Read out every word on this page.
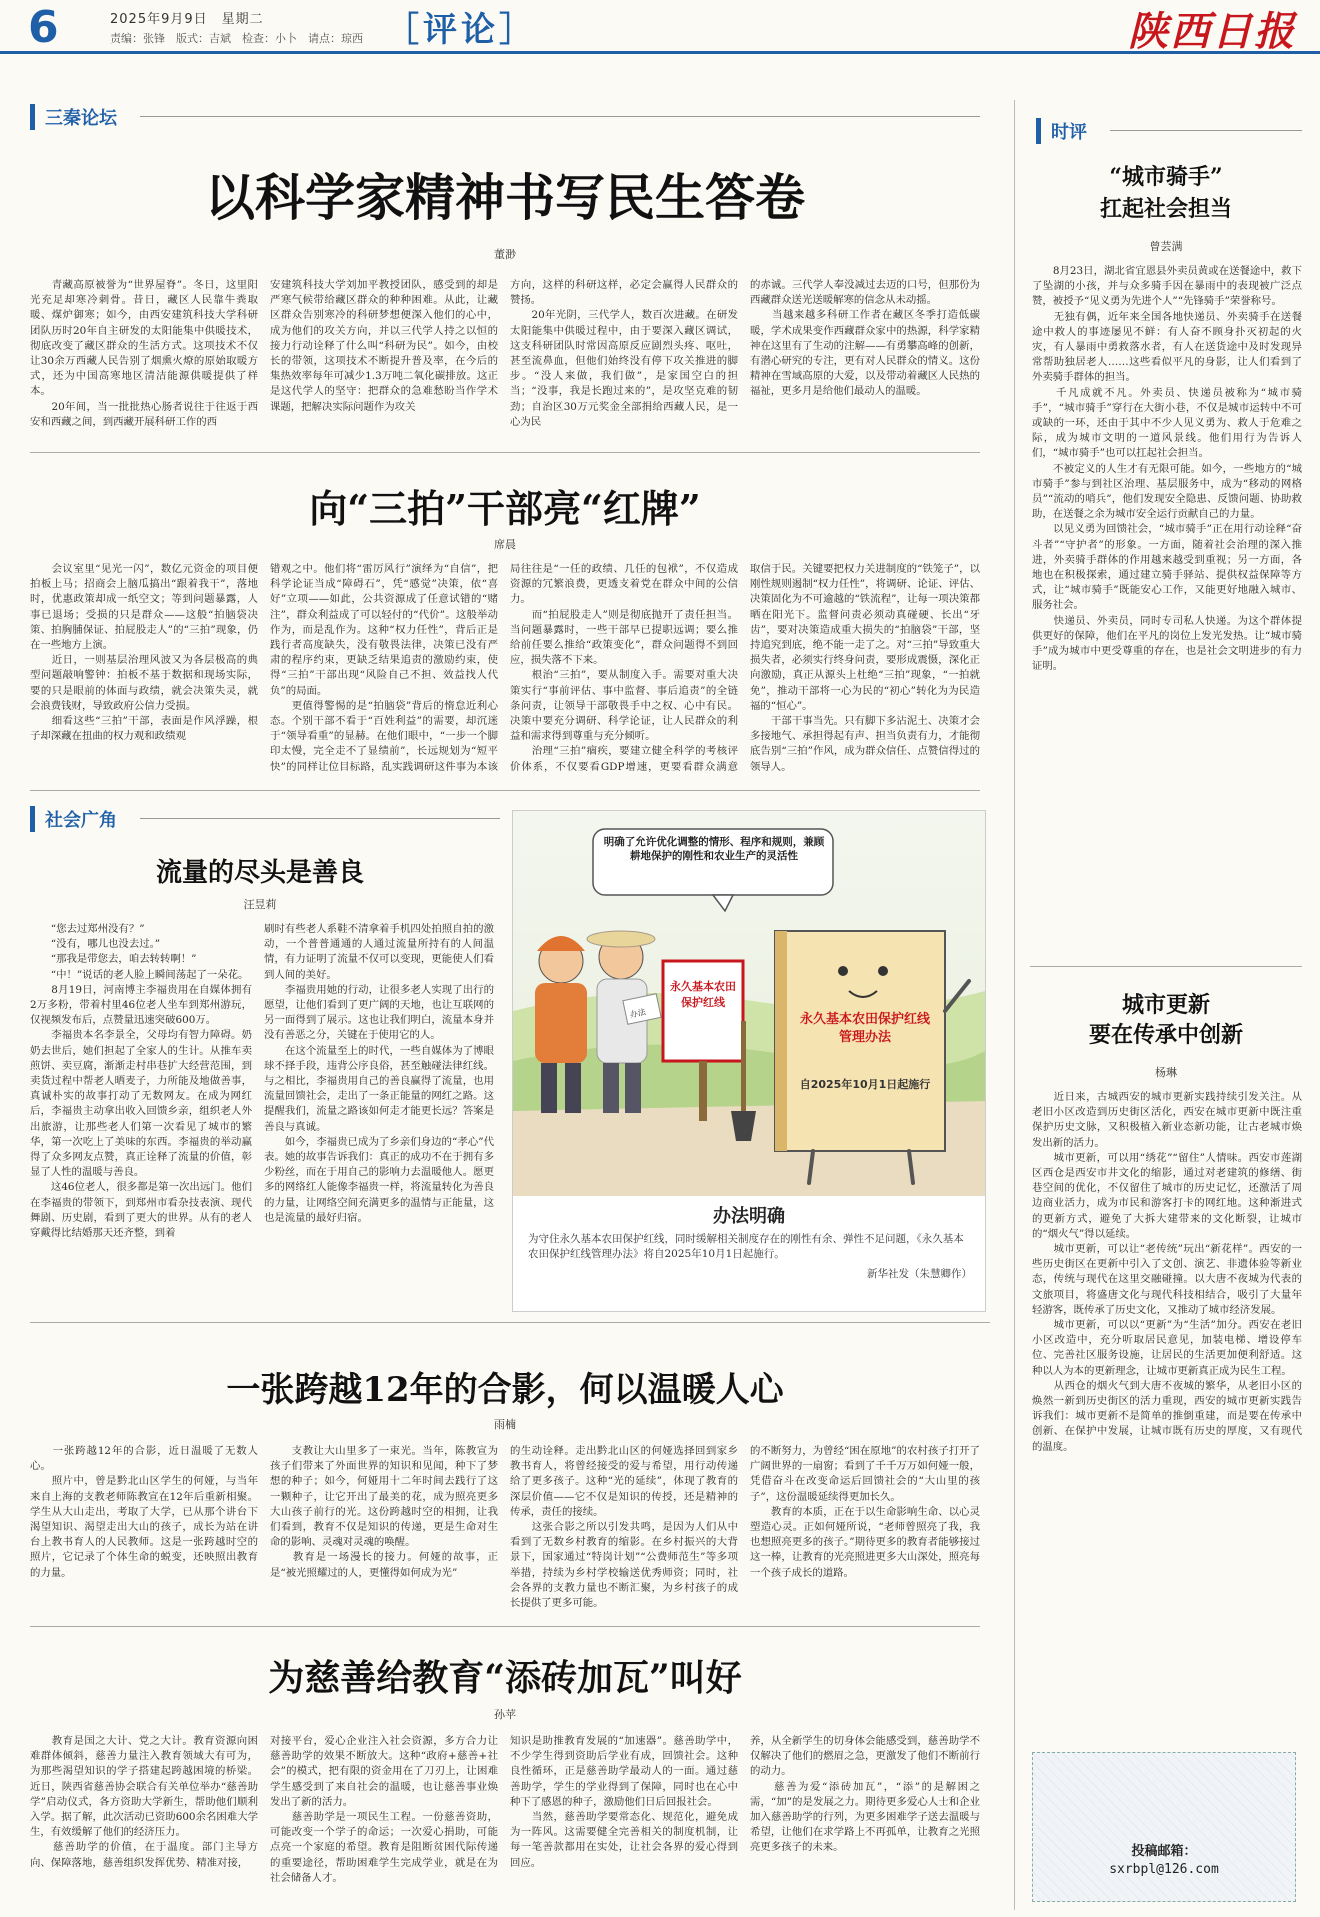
6	2025年9月9日　星期二
责编：张锋　版式：吉斌　检查：小卜　请点：琼西 ［评论］	陕西日报
三秦论坛
时评
社会广角
以科学家精神书写民生答卷
董渺
　　青藏高原被誉为“世界屋脊”。冬日，这里阳光充足却寒冷刺骨。昔日，藏区人民靠牛粪取暖、煤炉御寒；如今，由西安建筑科技大学科研团队历时20年自主研发的太阳能集中供暖技术，彻底改变了藏区群众的生活方式。这项技术不仅让30余万西藏人民告别了烟熏火燎的原始取暖方式，还为中国高寒地区清洁能源供暖提供了样本。
　　20年间，当一批批热心肠者说往于往返于西安和西藏之间，到西藏开展科研工作的西
安建筑科技大学刘加平教授团队，感受到的却是严寒气候带给藏区群众的种种困难。从此，让藏区群众告别寒冷的科研梦想便深入他们的心中，成为他们的攻关方向，并以三代学人持之以恒的接力行动诠释了什么叫“科研为民”。如今，由校长的带领，这项技术不断提升普及率，在今后的集热效率每年可减少1.3万吨二氧化碳排放。这正是这代学人的坚守：把群众的急难愁盼当作学术课题，把解决实际问题作为攻关
方向，这样的科研这样，必定会赢得人民群众的赞扬。
　　20年光阴，三代学人，数百次进藏。在研发太阳能集中供暖过程中，由于要深入藏区调试，这支科研团队时常因高原反应剧烈头疼、呕吐，甚至流鼻血，但他们始终没有停下攻关推进的脚步。“没人来做，我们做”，是家国空白的担当；“没事，我是长跑过来的”，是攻坚克难的韧劲；自治区30万元奖金全部捐给西藏人民，是一心为民
的赤诚。三代学人奉没减过去迈的口号，但那份为西藏群众送光送暖解寒的信念从未动摇。
　　当越来越多科研工作者在藏区冬季打造低碳暖，学术成果变作西藏群众家中的热源，科学家精神在这里有了生动的注解——有勇攀高峰的创新，有潜心研究的专注，更有对人民群众的情义。这份精神在雪域高原的大爱，以及带动着藏区人民热的福祉，更多月是给他们最动人的温暖。
向“三拍”干部亮“红牌”
席晨
　　会议室里“见光一闪”，数亿元资金的项目便拍板上马；招商会上脑瓜搞出“跟着我干”，落地时，优惠政策却成一纸空文；等到问题暴露，人事已退场；受损的只是群众——这般“拍脑袋决策、拍胸脯保证、拍屁股走人”的“三拍”现象，仍在一些地方上演。
　　近日，一则基层治理风波又为各层极高的典型问题敲响警钟：拍板不基于数据和现场实际，要的只是眼前的体面与政绩，就会决策失灵，就会浪费钱财，导致政府公信力受损。
　　细看这些“三拍”干部，表面是作风浮躁，根子却深藏在扭曲的权力观和政绩观
错观之中。他们将“雷厉风行”演绎为“自信”，把科学论证当成“障碍石”，凭“感觉”决策，依“喜好”立项——如此，公共资源成了任意试错的“赌注”，群众利益成了可以轻付的“代价”。这般举动作为，而是乱作为。这种“权力任性”，背后正是践行者高度缺失，没有敬畏法律，决策已没有严肃的程序约束，更缺乏结果追责的激励约束，使得“三拍”干部出现“风险自己不担、效益找人代负”的局面。
　　更值得警惕的是“拍脑袋”背后的惰怠近利心态。个别干部不看于“百姓利益”的需要，却沉迷于“领导看重”的显赫。在他们眼中，“一步一个脚印太慢，完全走不了显绩前”，长远规划为“短平快”的同样让位目标路，乱实践调研这件事为本该
局往往是“一任的政绩、几任的包袱”，不仅造成资源的冗繁浪费，更透支着党在群众中间的公信力。
　　而“拍屁股走人”则是彻底抛开了责任担当。当问题暴露时，一些干部早已提职远调；要么推给前任要么推给“政策变化”，群众问题得不到回应，损失落不下来。
　　根治“三拍”，要从制度入手。需要对重大决策实行“事前评估、事中监督、事后追责”的全链条问责，让领导干部敬畏手中之权、心中有民。决策中要充分调研、科学论证，让人民群众的利益和需求得到尊重与充分倾听。
　　治理“三拍”痼疾，要建立健全科学的考核评价体系，不仅要看GDP增速，更要看群众满意
取信于民。关键要把权力关进制度的“铁笼子”，以刚性规则遏制“权力任性”，将调研、论证、评估、决策固化为不可逾越的“铁流程”，让每一项决策都晒在阳光下。监督问责必须动真碰硬、长出“牙齿”，要对决策造成重大损失的“拍脑袋”干部，坚持追究到底，绝不能一走了之。对“三拍”导致重大损失者，必须实行终身问责，要形成震慑，深化正向激励，真正从源头上杜绝“三拍”现象，“一拍就免”，推动干部将一心为民的“初心”转化为为民造福的“恒心”。
　　干部干事当先。只有脚下多沾泥土、决策才会多接地气、承担得起有声、担当负责有力，才能彻底告别“三拍”作风，成为群众信任、点赞信得过的领导人。
流量的尽头是善良
汪昱莉
　　“您去过郑州没有？”
　　“没有，哪儿也没去过。”
　　“那我是带您去，咱去转转啊！”
　　“中！”说话的老人脸上瞬间荡起了一朵花。
　　8月19日，河南博主李福贵用在自媒体拥有2万多粉，带着村里46位老人坐车到郑州游玩，仅视频发布后，点赞量迅速突破600万。
　　李福贵本名李景全，父母均有智力障碍。奶奶去世后，她们担起了全家人的生计。从推车卖煎饼、卖豆腐，渐渐走村串巷扩大经营范围，到卖货过程中帮老人晒麦子，力所能及地做善事，真诚朴实的故事打动了无数网友。在成为网红后，李福贵主动拿出收入回馈乡亲，组织老人外出旅游，让那些老人们第一次看见了城市的繁华，第一次吃上了美味的东西。李福贵的举动赢得了众多网友点赞，真正诠释了流量的价值，彰显了人性的温暖与善良。
　　这46位老人，很多都是第一次出远门。他们在李福贵的带领下，到郑州市看杂技表演、现代舞剧、历史剧，看到了更大的世界。从有的老人穿戴得比结婚那天还齐整，到着
刷时有些老人系鞋不清拿着手机四处拍照自拍的激动，一个普普通通的人通过流量所持有的人间温情，有力证明了流量不仅可以变现，更能使人们看到人间的美好。
　　李福贵用她的行动，让很多老人实现了出行的愿望，让他们看到了更广阔的天地，也让互联网的另一面得到了展示。这也让我们明白，流量本身并没有善恶之分，关键在于使用它的人。
　　在这个流量至上的时代，一些自媒体为了博眼球不择手段，违背公序良俗，甚至触碰法律红线。与之相比，李福贵用自己的善良赢得了流量，也用流量回馈社会，走出了一条正能量的网红之路。这提醒我们，流量之路该如何走才能更长远？答案是善良与真诚。
　　如今，李福贵已成为了乡亲们身边的“孝心”代表。她的故事告诉我们：真正的成功不在于拥有多少粉丝，而在于用自己的影响力去温暖他人。愿更多的网络红人能像李福贵一样，将流量转化为善良的力量，让网络空间充满更多的温情与正能量，这也是流量的最好归宿。
明确了允许优化调整的情形、程序和规则，兼顾耕地保护的刚性和农业生产的灵活性
永久基本农田保护红线
办法	永久基本农田保护红线管理办法
自2025年10月1日起施行
办法明确
为守住永久基本农田保护红线，同时缓解相关制度存在的刚性有余、弹性不足问题，《永久基本农田保护红线管理办法》将自2025年10月1日起施行。
新华社发（朱慧卿作）
一张跨越12年的合影，何以温暖人心
雨楠
　　一张跨越12年的合影，近日温暖了无数人心。
　　照片中，曾是黔北山区学生的何娅，与当年来自上海的支教老师陈教宣在12年后重新相聚。学生从大山走出，考取了大学，已从那个讲台下渴望知识、渴望走出大山的孩子，成长为站在讲台上教书育人的人民教师。这是一张跨越时空的照片，它记录了个体生命的蜕变，还映照出教育的力量。
　　支教让大山里多了一束光。当年，陈教宣为孩子们带来了外面世界的知识和见闻，种下了梦想的种子；如今，何娅用十二年时间去践行了这一颗种子，让它开出了最美的花，成为照亮更多大山孩子前行的光。这份跨越时空的相拥，让我们看到，教育不仅是知识的传递，更是生命对生命的影响、灵魂对灵魂的唤醒。
　　教育是一场漫长的接力。何娅的故事，正是“被光照耀过的人，更懂得如何成为光”
的生动诠释。走出黔北山区的何娅选择回到家乡教书育人，将曾经接受的爱与希望，用行动传递给了更多孩子。这种“光的延续”，体现了教育的深层价值——它不仅是知识的传授，还是精神的传承，责任的接续。
　　这张合影之所以引发共鸣，是因为人们从中看到了无数乡村教育的缩影。在乡村振兴的大背景下，国家通过“特岗计划”“公费师范生”等多项举措，持续为乡村学校输送优秀师资；同时，社会各界的支教力量也不断汇聚，为乡村孩子的成长提供了更多可能。
的不断努力，为曾经“困在原地”的农村孩子打开了广阔世界的一扇窗；看到了千千万万如何娅一般，凭借奋斗在改变命运后回馈社会的“大山里的孩子”，这份温暖延续得更加长久。
　　教育的本质，正在于以生命影响生命、以心灵塑造心灵。正如何娅所说，“老师曾照亮了我，我也想照亮更多的孩子。”期待更多的教育者能够接过这一棒，让教育的光亮照进更多大山深处，照亮每一个孩子成长的道路。
为慈善给教育“添砖加瓦”叫好
孙苹
　　教育是国之大计、党之大计。教育资源向困难群体倾斜，慈善力量注入教育领域大有可为，为那些渴望知识的学子搭建起跨越困境的桥梁。近日，陕西省慈善协会联合有关单位举办“慈善助学”启动仪式，各方资助大学新生，帮助他们顺利入学。据了解，此次活动已资助600余名困难大学生，有效缓解了他们的经济压力。
　　慈善助学的价值，在于温度。部门主导方向、保障落地，慈善组织发挥优势、精准对接，
对接平台，爱心企业注入社会资源，多方合力让慈善助学的效果不断放大。这种“政府+慈善+社会”的模式，把有限的资金用在了刀刃上，让困难学生感受到了来自社会的温暖，也让慈善事业焕发出了新的活力。
　　慈善助学是一项民生工程。一份慈善资助，可能改变一个学子的命运；一次爱心捐助，可能点亮一个家庭的希望。教育是阻断贫困代际传递的重要途径，帮助困难学生完成学业，就是在为社会储备人才。
知识是助推教育发展的“加速器”。慈善助学中，不少学生得到资助后学业有成，回馈社会。这种良性循环，正是慈善助学最动人的一面。通过慈善助学，学生的学业得到了保障，同时也在心中种下了感恩的种子，激励他们日后回报社会。
　　当然，慈善助学要常态化、规范化，避免成为一阵风。这需要健全完善相关的制度机制，让每一笔善款都用在实处，让社会各界的爱心得到回应。
养，从全新学生的切身体会能感受到，慈善助学不仅解决了他们的燃眉之急，更激发了他们不断前行的动力。
　　慈善为爱“添砖加瓦”，“添”的是解困之需，“加”的是发展之力。期待更多爱心人士和企业加入慈善助学的行列，为更多困难学子送去温暖与希望，让他们在求学路上不再孤单，让教育之光照亮更多孩子的未来。
“城市骑手”
扛起社会担当
曾芸满
　　8月23日，湖北省宜恩县外卖员黄或在送餐途中，救下了坠湖的小孩，并与众多骑手因在暴雨中的表现被广泛点赞，被授予“见义勇为先进个人”“先锋骑手”荣誉称号。
　　无独有偶，近年来全国各地快递员、外卖骑手在送餐途中救人的事迹屡见不鲜：有人奋不顾身扑灭初起的火灾，有人暴雨中勇救落水者，有人在送货途中及时发现异常帮助独居老人……这些看似平凡的身影，让人们看到了外卖骑手群体的担当。
　　千凡成就不凡。外卖员、快递员被称为“城市骑手”，“城市骑手”穿行在大街小巷，不仅是城市运转中不可或缺的一环，还由于其中不少人见义勇为、救人于危难之际，成为城市文明的一道风景线。他们用行为告诉人们，“城市骑手”也可以扛起社会担当。
　　不被定义的人生才有无限可能。如今，一些地方的“城市骑手”参与到社区治理、基层服务中，成为“移动的网格员”“流动的哨兵”，他们发现安全隐患、反馈问题、协助救助，在送餐之余为城市安全运行贡献自己的力量。
　　以见义勇为回馈社会，“城市骑手”正在用行动诠释“奋斗者”“守护者”的形象。一方面，随着社会治理的深入推进，外卖骑手群体的作用越来越受到重视；另一方面，各地也在积极探索，通过建立骑手驿站、提供权益保障等方式，让“城市骑手”既能安心工作，又能更好地融入城市、服务社会。
　　快递员、外卖员，同时专司私人快递。为这个群体提供更好的保障，他们在平凡的岗位上发光发热。让“城市骑手”成为城市中更受尊重的存在，也是社会文明进步的有力证明。
城市更新
要在传承中创新
杨琳
　　近日来，古城西安的城市更新实践持续引发关注。从老旧小区改造到历史街区活化，西安在城市更新中既注重保护历史文脉，又积极植入新业态新功能，让古老城市焕发出新的活力。
　　城市更新，可以用“绣花”“留住”人情味。西安市莲湖区西仓是西安市井文化的缩影，通过对老建筑的修缮、街巷空间的优化，不仅留住了城市的历史记忆，还激活了周边商业活力，成为市民和游客打卡的网红地。这种渐进式的更新方式，避免了大拆大建带来的文化断裂，让城市的“烟火气”得以延续。
　　城市更新，可以让“老传统”玩出“新花样”。西安的一些历史街区在更新中引入了文创、演艺、非遗体验等新业态，传统与现代在这里交融碰撞。以大唐不夜城为代表的文旅项目，将盛唐文化与现代科技相结合，吸引了大量年轻游客，既传承了历史文化，又推动了城市经济发展。
　　城市更新，可以以“更新”为“生活”加分。西安在老旧小区改造中，充分听取居民意见，加装电梯、增设停车位、完善社区服务设施，让居民的生活更加便利舒适。这种以人为本的更新理念，让城市更新真正成为民生工程。
　　从西仓的烟火气到大唐不夜城的繁华，从老旧小区的焕然一新到历史街区的活力重现，西安的城市更新实践告诉我们：城市更新不是简单的推倒重建，而是要在传承中创新、在保护中发展，让城市既有历史的厚度，又有现代的温度。
投稿邮箱：
sxrbpl@126.com
